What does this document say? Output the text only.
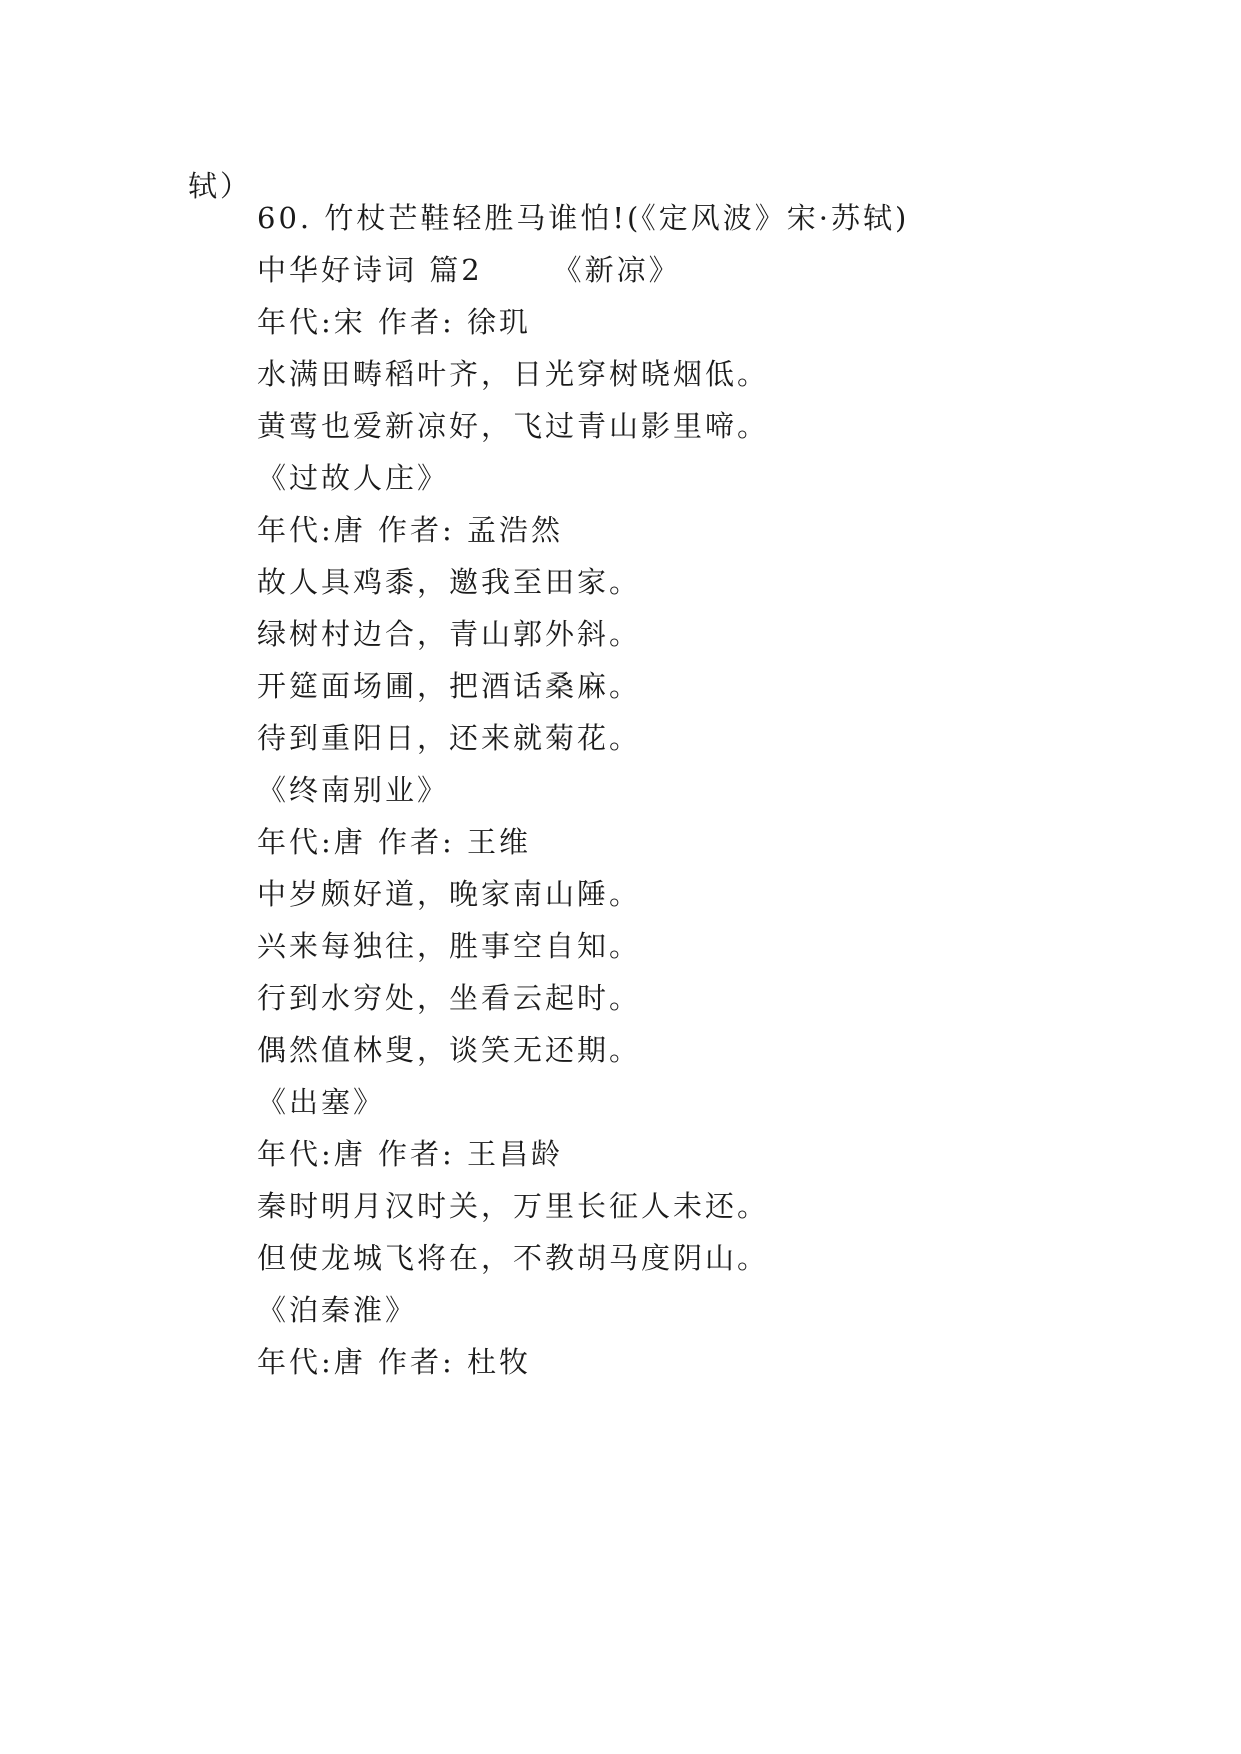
轼）
60. 竹杖芒鞋轻胜马谁怕!(《定风波》宋·苏轼)
中华好诗词 篇2 《新凉》
年代:宋 作者: 徐玑
水满田畴稻叶齐，日光穿树晓烟低。
黄莺也爱新凉好，飞过青山影里啼。
《过故人庄》
年代:唐 作者: 孟浩然
故人具鸡黍，邀我至田家。
绿树村边合，青山郭外斜。
开筵面场圃，把酒话桑麻。
待到重阳日，还来就菊花。
《终南别业》
年代:唐 作者: 王维
中岁颇好道，晚家南山陲。
兴来每独往，胜事空自知。
行到水穷处，坐看云起时。
偶然值林叟，谈笑无还期。
《出塞》
年代:唐 作者: 王昌龄
秦时明月汉时关，万里长征人未还。
但使龙城飞将在，不教胡马度阴山。
《泊秦淮》
年代:唐 作者: 杜牧
